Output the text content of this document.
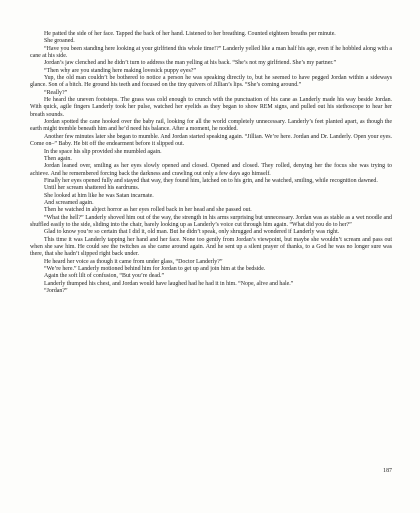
He patted the side of her face. Tapped the back of her hand. Listened to her breathing. Counted eighteen breaths per minute.

She groaned.

“Have you been standing here looking at your girlfriend this whole time!?” Landerly yelled like a man half his age, even if he hobbled along with a cane at his side.

Jordan’s jaw clenched and he didn’t turn to address the man yelling at his back. “She’s not my girlfriend. She’s my partner.”

“Then why are you standing here making lovesick puppy eyes?”

Yup, the old man couldn’t be bothered to notice a person he was speaking directly to, but he seemed to have pegged Jordan within a sideways glance. Son of a bitch. He ground his teeth and focused on the tiny quivers of Jillian’s lips. “She’s coming around.”

“Really?”

He heard the uneven footsteps. The grass was cold enough to crunch with the punctuation of his cane as Landerly made his way beside Jordan. With quick, agile fingers Landerly took her pulse, watched her eyelids as they began to show REM signs, and pulled out his stethoscope to hear her breath sounds.

Jordan spotted the cane hooked over the baby rail, looking for all the world completely unnecessary. Landerly’s feet planted apart, as though the earth might tremble beneath him and he’d need his balance. After a moment, he nodded.

Another few minutes later she began to mumble. And Jordan started speaking again. “Jillian. We’re here. Jordan and Dr. Landerly. Open your eyes. Come on–” Baby. He bit off the endearment before it slipped out.

In the space his slip provided she mumbled again.

Then again.

Jordan leaned over, smiling as her eyes slowly opened and closed. Opened and closed. They rolled, denying her the focus she was trying to achieve. And he remembered forcing back the darkness and crawling out only a few days ago himself.

Finally her eyes opened fully and stayed that way, they found him, latched on to his grin, and he watched, smiling, while recognition dawned.

Until her scream shattered his eardrums.

She looked at him like he was Satan incarnate.

And screamed again.

Then he watched in abject horror as her eyes rolled back in her head and she passed out.

“What the hell?” Landerly shoved him out of the way, the strength in his arms surprising but unnecessary. Jordan was as stable as a wet noodle and shuffled easily to the side, sliding into the chair, barely looking up as Landerly’s voice cut through him again. “What did you do to her?”

Glad to know you’re so certain that I did it, old man. But he didn’t speak, only shrugged and wondered if Landerly was right.

This time it was Landerly tapping her hand and her face. None too gently from Jordan’s viewpoint, but maybe she wouldn’t scream and pass out when she saw him. He could see the twitches as she came around again. And he sent up a silent prayer of thanks, to a God he was no longer sure was there, that she hadn’t slipped right back under.

He heard her voice as though it came from under glass, “Doctor Landerly?”

“We’re here.” Landerly motioned behind him for Jordan to get up and join him at the bedside.

Again the soft lilt of confusion, “But you’re dead.”

Landerly thumped his chest, and Jordan would have laughed had he had it in him. “Nope, alive and hale.”

“Jordan?”

187
